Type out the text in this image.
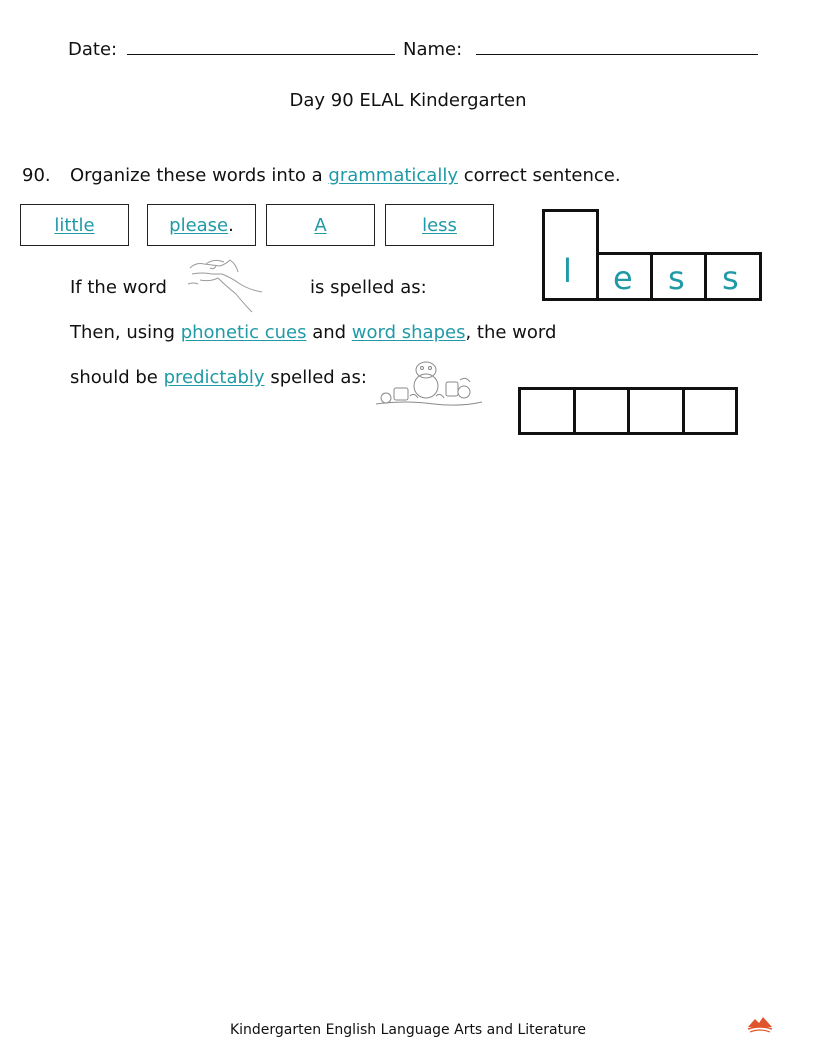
Date:	Name:
Day 90 ELAL Kindergarten
90. Organize these words into a grammatically correct sentence.
little	please .	A	less
If the word	is spelled as:
Then, using phonetic cues and word shapes, the word
should be predictably spelled as:
l e s s
Kindergarten English Language Arts and Literature
